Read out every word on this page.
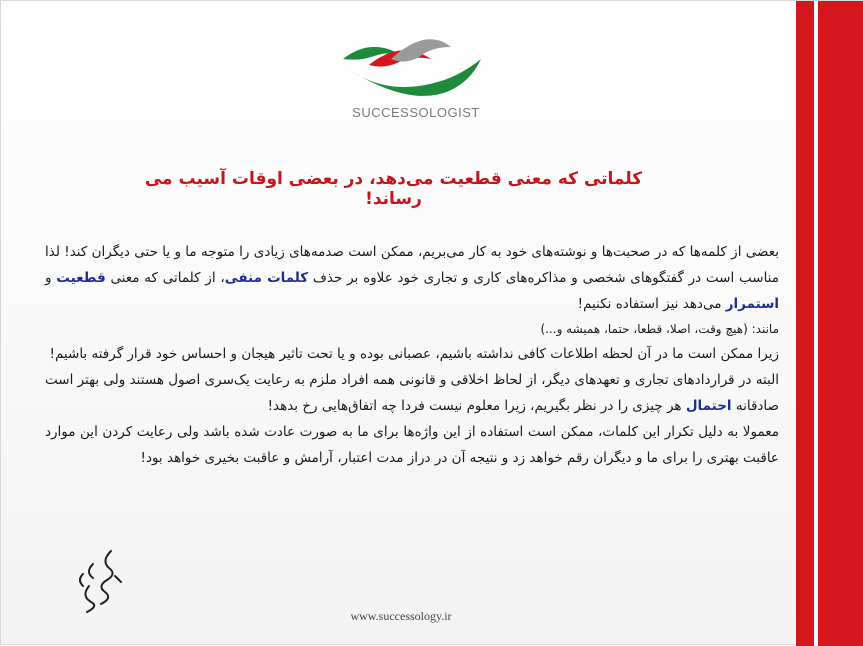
SUCCESSOLOGIST
کلماتی که معنی قطعیت می‌دهد، در بعضی اوقات آسیب می رساند!

بعضی از کلمه‌ها که در صحبت‌ها و نوشته‌های خود به کار می‌بریم، ممکن است صدمه‌های زیادی را متوجه ما و یا حتی دیگران کند! لذا مناسب است در گفتگوهای شخصی و مذاکره‌های کاری و تجاری خود علاوه بر حذف کلمات منفی، از کلماتی که معنی قطعیت و استمرار می‌دهد نیز استفاده نکنیم!

مانند: (هیچ وقت، اصلا، قطعا، حتما، همیشه و...)

زیرا ممکن است ما در آن لحظه اطلاعات کافی نداشته باشیم، عصبانی بوده و یا تحت تاثیر هیجان و احساس خود قرار گرفته باشیم!

البته در قراردادهای تجاری و تعهدهای دیگر، از لحاظ اخلاقی و قانونی همه افراد ملزم به رعایت یک‌سری اصول هستند ولی بهتر است صادقانه احتمال هر چیزی را در نظر بگیریم، زیرا معلوم نیست فردا چه اتفاق‌هایی رخ بدهد!

معمولا به دلیل تکرار این کلمات، ممکن است استفاده از این واژه‌ها برای ما به صورت عادت شده باشد ولی رعایت کردن این موارد عاقبت بهتری را برای ما و دیگران رقم خواهد زد و نتیجه آن در دراز مدت اعتبار، آرامش و عاقبت بخیری خواهد بود!

www.successology.ir
